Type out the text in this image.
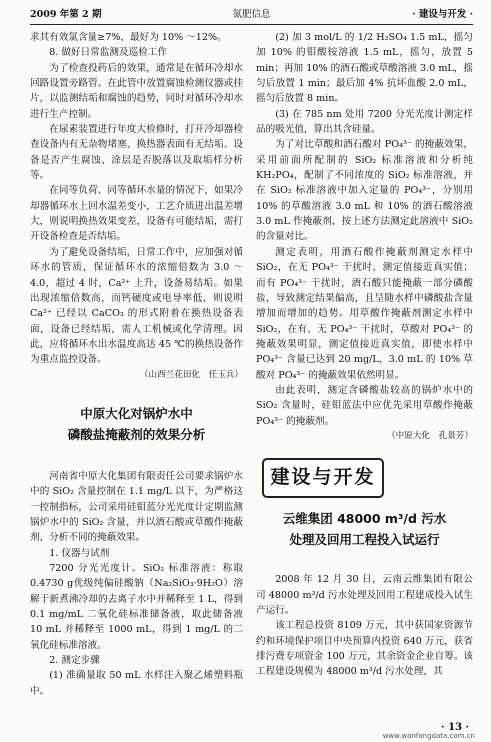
2009 年第 2 期	氮肥信息	· 建设与开发 ·

求其有效氯含量≥7%，最好为 10% ～12%。

8. 做好日常监测及巡检工作

为了检查投药后的效果，通常是在循环冷却水回路设置旁路管。在此管中放置腐蚀检测仪器或挂片，以监测结垢和腐蚀的趋势，同时对循环冷却水进行生产控制。

在尿素装置进行年度大检修时，打开冷却器检查设备内有无杂物堵塞、换热器表面有无结垢、设备是否产生腐蚀、涂层是否脱落以及取垢样分析等。

在同等负荷、同等循环水量的情况下，如果冷却器循环水上回水温差变小，工艺介质进出温差增大，则说明换热效果变差，设备有可能结垢，需打开设备检查是否结垢。

为了避免设备结垢，日常工作中，应加强对循环水的管质，保证循环水的浓缩倍数为 3.0 ～ 4.0，超过 4 时，Ca²⁺ 上升，设备易结垢。如果出现浓缩倍数高，而钙硬度或电导率低，则说明 Ca²⁺ 已经以 CaCO₃ 的形式附着在换热设备表面，设备已经结垢，需人工机械或化学清理。因此，应将循环水出水温度高达 45 ℃的换热设备作为重点监控设备。

（山西兰花田化　任玉兵）
中原大化对锅炉水中
磷酸盐掩蔽剂的效果分析

河南省中原大化集团有限责任公司要求锅炉水中的 SiO₂ 含量控制在 1.1 mg/L 以下，为严格这一控制指标，公司采用硅钼蓝分光光度计定期监测锅炉水中的 SiO₂ 含量，并以酒石酸或草酸作掩蔽剂，分析不同的掩蔽效果。

1. 仪器与试剂

7200 分光光度计。SiO₂ 标准溶液：称取 0.4730 g优级纯偏硅酸钠（Na₂SiO₃·9H₂O）溶解于新煮沸冷却的去离子水中并稀释至 1 L，得到 0.1 mg/mL 二氧化硅标准储备液，取此储备液 10 mL 并稀释至 1000 mL，得到 1 mg/L 的二氧化硅标准溶液。

2. 测定步骤

(1) 准确量取 50 mL 水样注入聚乙烯塑料瓶中。

(2) 加 3 mol/L 的 1/2 H₂SO₄ 1.5 mL，摇匀加 10% 的钼酸铵溶液 1.5 mL，摇匀，放置 5 min；再加 10% 的酒石酸或草酸溶液 3.0 mL，摇匀后放置 1 min；最后加 4% 抗坏血酸 2.0 mL，摇匀后放置 8 min。

(3) 在 785 nm 处用 7200 分光光度计测定样品的吸光值，算出其含硅量。

为了对比草酸和酒石酸对 PO₄³⁻ 的掩蔽效果，采用前面所配制的 SiO₂ 标准溶液和分析纯 KH₂PO₄，配制了不同浓度的 SiO₂ 标准溶液，并在 SiO₂ 标准溶液中加入定量的 PO₄³⁻，分别用 10% 的草酸溶液 3.0 mL 和 10% 的酒石酸溶液 3.0 mL 作掩蔽剂，按上述方法测定此溶液中 SiO₂ 的含量对比。

测定表明，用酒石酸作掩蔽剂测定水样中 SiO₂，在无 PO₄³⁻ 干扰时，测定值接近真实值；而有 PO₄³⁻ 干扰时，酒石酸只能掩蔽一部分磷酸盐，导致测定结果偏高，且呈随水样中磷酸盐含量增加而增加的趋势。用草酸作掩蔽剂测定水样中 SiO₂，在有、无 PO₄³⁻ 干扰时，草酸对 PO₄³⁻ 的掩蔽效果明显，测定值接近真实值，即使水样中 PO₄³⁻ 含量已达到 20 mg/L，3.0 mL 的 10% 草酸对 PO₄³⁻ 的掩蔽效果依然明显。

由此表明，测定含磷酸盐较高的锅炉水中的 SiO₂ 含量时，硅钼蓝法中应优先采用草酸作掩蔽 PO₄³⁻ 的掩蔽剂。

（中原大化　孔景芳）
建设与开发
云维集团 48000 m³/d 污水
处理及回用工程投入试运行

2008 年 12 月 30 日，云南云维集团有限公司 48000 m³/d 污水处理及回用工程建成投入试生产运行。

该工程总投资 8109 万元，其中获国家资源节约和环境保护项目中央预算内投资 640 万元，获省排污费专项资金 100 万元，其余资金企业自筹。该工程建设规模为 48000 m³/d 污水处理，其

· 13 ·
www.wanfangdata.com.cn
